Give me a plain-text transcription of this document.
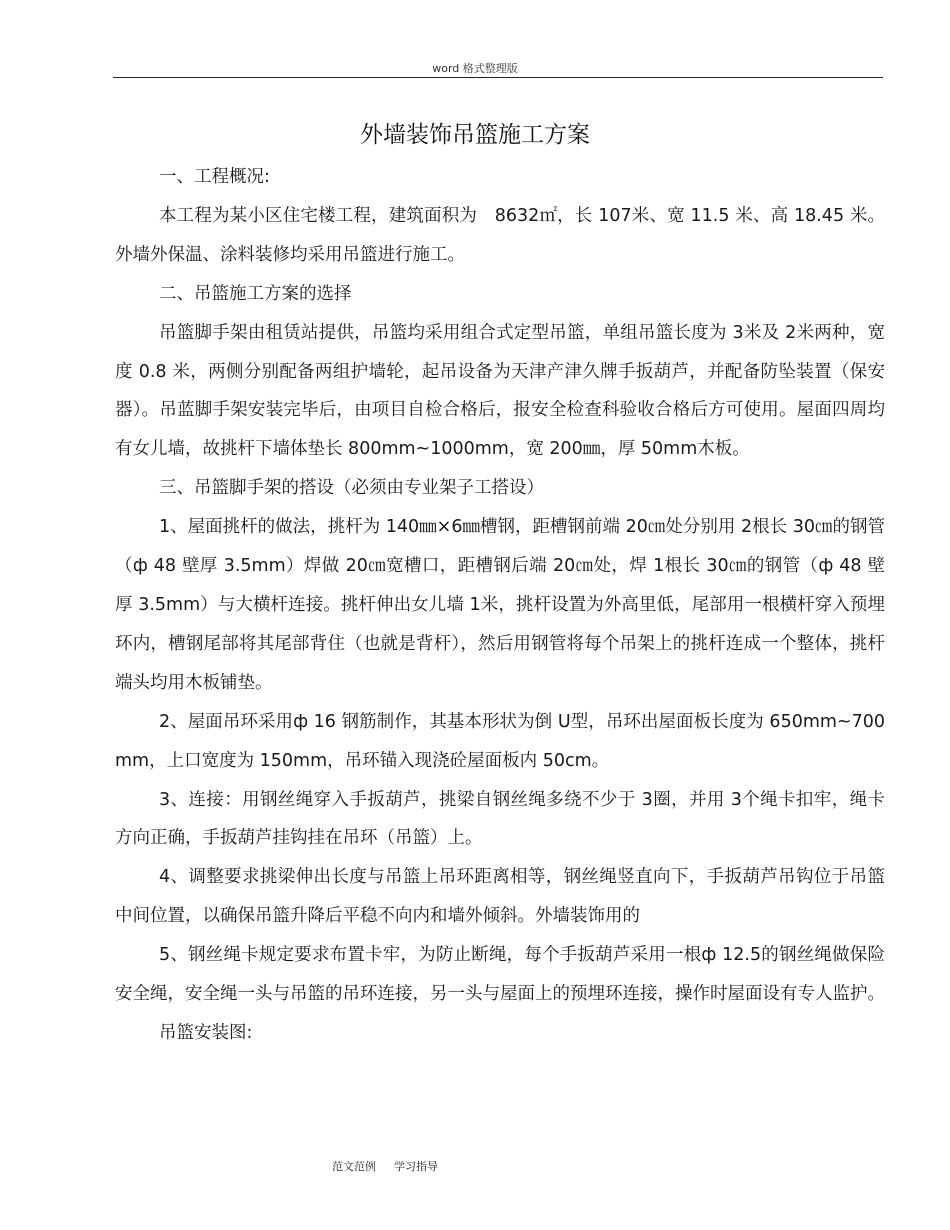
word 格式整理版
外墙装饰吊篮施工方案

一、工程概况:

本工程为某小区住宅楼工程，建筑面积为　8632㎡，长 107米、宽 11.5 米、高 18.45 米。外墙外保温、涂料装修均采用吊篮进行施工。

二、吊篮施工方案的选择

吊篮脚手架由租赁站提供，吊篮均采用组合式定型吊篮，单组吊篮长度为 3米及 2米两种，宽度 0.8 米，两侧分别配备两组护墙轮，起吊设备为天津产津久牌手扳葫芦，并配备防坠装置（保安器）。吊蓝脚手架安装完毕后，由项目自检合格后，报安全检查科验收合格后方可使用。屋面四周均有女儿墙，故挑杆下墙体垫长 800mm~1000mm，宽 200㎜，厚 50mm木板。

三、吊篮脚手架的搭设（必须由专业架子工搭设）

1、屋面挑杆的做法，挑杆为 140㎜×6㎜槽钢，距槽钢前端 20㎝处分别用 2根长 30㎝的钢管（ф 48 壁厚 3.5mm）焊做 20㎝宽槽口，距槽钢后端 20㎝处，焊 1根长 30㎝的钢管（ф 48 壁厚 3.5mm）与大横杆连接。挑杆伸出女儿墙 1米，挑杆设置为外高里低，尾部用一根横杆穿入预埋环内，槽钢尾部将其尾部背住（也就是背杆），然后用钢管将每个吊架上的挑杆连成一个整体，挑杆端头均用木板铺垫。

2、屋面吊环采用ф 16 钢筋制作，其基本形状为倒 U型，吊环出屋面板长度为 650mm~700mm，上口宽度为 150mm，吊环锚入现浇砼屋面板内 50cm。

3、连接：用钢丝绳穿入手扳葫芦，挑梁自钢丝绳多绕不少于 3圈，并用 3个绳卡扣牢，绳卡方向正确，手扳葫芦挂钩挂在吊环（吊篮）上。

4、调整要求挑梁伸出长度与吊篮上吊环距离相等，钢丝绳竖直向下，手扳葫芦吊钩位于吊篮中间位置，以确保吊篮升降后平稳不向内和墙外倾斜。外墙装饰用的

5、钢丝绳卡规定要求布置卡牢，为防止断绳，每个手扳葫芦采用一根ф 12.5的钢丝绳做保险安全绳，安全绳一头与吊篮的吊环连接，另一头与屋面上的预埋环连接，操作时屋面设有专人监护。

吊篮安装图:

范文范例 学习指导
